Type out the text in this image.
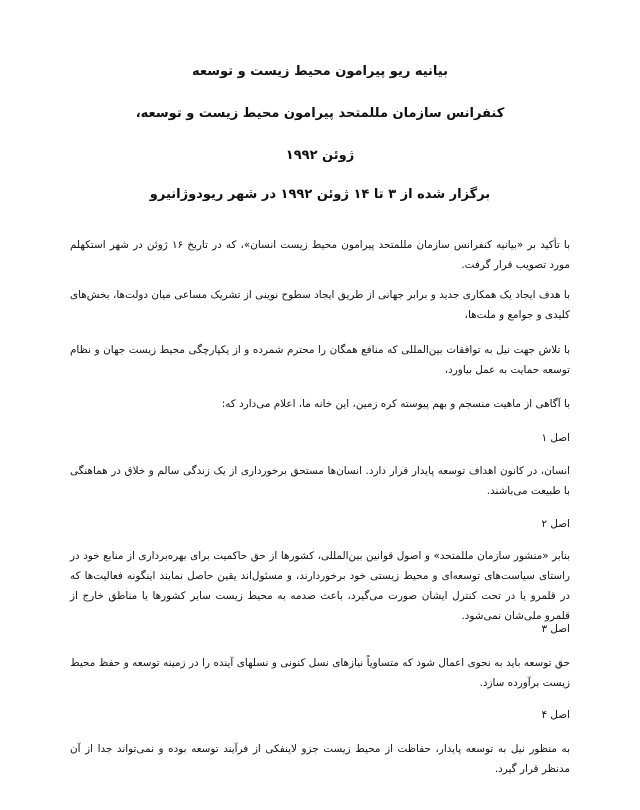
بیانیه ریو پیرامون محیط زیست و توسعه
کنفرانس سازمان مللمتحد پیرامون محیط زیست و توسعه،
ژوئن ۱۹۹۲
برگزار شده از ۳ تا ۱۴ ژوئن ۱۹۹۲ در شهر ریودوژانیرو

با تأکید بر «بیانیه کنفرانس سازمان مللمتحد پیرامون محیط زیست انسان»، که در تاریخ ۱۶ ژوئن در شهر استکهلم مورد تصویب قرار گرفت.

با هدف ایجاد یک همکاری جدید و برابر جهانی از طریق ایجاد سطوح نوینی از تشریک مساعی میان دولت‌ها، بخش‌های کلیدی و جوامع و ملت‌ها،

با تلاش جهت نیل به توافقات بین‌المللی که منافع همگان را محترم شمرده و از یکپارچگی محیط زیست جهان و نظام توسعه حمایت به عمل بیاورد،

با آگاهی از ماهیت منسجم و بهم پیوسته کره زمین، این خانه ما، اعلام می‌دارد که:

اصل ۱

انسان، در کانون اهداف توسعه پایدار قرار دارد. انسان‌ها مستحق برخورداری از یک زندگی سالم و خلاق در هماهنگی با طبیعت می‌باشند.

اصل ۲

بنابر «منشور سازمان مللمتحد» و اصول قوانین بین‌المللی، کشورها از حق حاکمیت برای بهره‌برداری از منابع خود در راستای سیاست‌های توسعه‌ای و محیط زیستی خود برخوردارند، و مسئول‌اند یقین حاصل نمایند اینگونه فعالیت‌ها که در قلمرو یا در تحت کنترل ایشان صورت می‌گیرد، باعث صدمه به محیط زیست سایر کشورها یا مناطق خارج از قلمرو ملی‌شان نمی‌شود.

اصل ۳

حق توسعه باید به نحوی اعمال شود که متساویاً نیازهای نسل کنونی و نسلهای آینده را در زمینه توسعه و حفظ محیط زیست برآورده سازد.

اصل ۴

به منظور نیل به توسعه پایدار، حفاظت از محیط زیست جزو لاینفکی از فرآیند توسعه بوده و نمی‌تواند جدا از آن مدنظر قرار گیرد.
